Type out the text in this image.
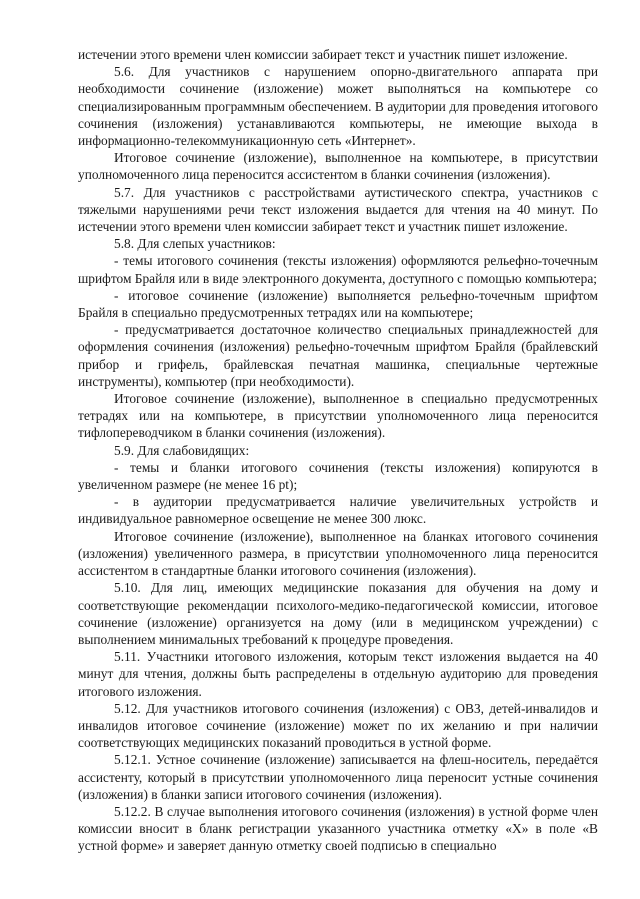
истечении этого времени член комиссии забирает текст и участник пишет изложение.

5.6. Для участников с нарушением опорно-двигательного аппарата при необходимости сочинение (изложение) может выполняться на компьютере со специализированным программным обеспечением. В аудитории для проведения итогового сочинения (изложения) устанавливаются компьютеры, не имеющие выхода в информационно-телекоммуникационную сеть «Интернет».

Итоговое сочинение (изложение), выполненное на компьютере, в присутствии уполномоченного лица переносится ассистентом в бланки сочинения (изложения).

5.7. Для участников с расстройствами аутистического спектра, участников с тяжелыми нарушениями речи текст изложения выдается для чтения на 40 минут. По истечении этого времени член комиссии забирает текст и участник пишет изложение.

5.8. Для слепых участников:

- темы итогового сочинения (тексты изложения) оформляются рельефно-точечным шрифтом Брайля или в виде электронного документа, доступного с помощью компьютера;

- итоговое сочинение (изложение) выполняется рельефно-точечным шрифтом Брайля в специально предусмотренных тетрадях или на компьютере;

- предусматривается достаточное количество специальных принадлежностей для оформления сочинения (изложения) рельефно-точечным шрифтом Брайля (брайлевский прибор и грифель, брайлевская печатная машинка, специальные чертежные инструменты), компьютер (при необходимости).

Итоговое сочинение (изложение), выполненное в специально предусмотренных тетрадях или на компьютере, в присутствии уполномоченного лица переносится тифлопереводчиком в бланки сочинения (изложения).

5.9. Для слабовидящих:

- темы и бланки итогового сочинения (тексты изложения) копируются в увеличенном размере (не менее 16 pt);

- в аудитории предусматривается наличие увеличительных устройств и индивидуальное равномерное освещение не менее 300 люкс.

Итоговое сочинение (изложение), выполненное на бланках итогового сочинения (изложения) увеличенного размера, в присутствии уполномоченного лица переносится ассистентом в стандартные бланки итогового сочинения (изложения).

5.10. Для лиц, имеющих медицинские показания для обучения на дому и соответствующие рекомендации психолого-медико-педагогической комиссии, итоговое сочинение (изложение) организуется на дому (или в медицинском учреждении) с выполнением минимальных требований к процедуре проведения.

5.11. Участники итогового изложения, которым текст изложения выдается на 40 минут для чтения, должны быть распределены в отдельную аудиторию для проведения итогового изложения.

5.12. Для участников итогового сочинения (изложения) с ОВЗ, детей-инвалидов и инвалидов итоговое сочинение (изложение) может по их желанию и при наличии соответствующих медицинских показаний проводиться в устной форме.

5.12.1. Устное сочинение (изложение) записывается на флеш-носитель, передаётся ассистенту, который в присутствии уполномоченного лица переносит устные сочинения (изложения) в бланки записи итогового сочинения (изложения).

5.12.2. В случае выполнения итогового сочинения (изложения) в устной форме член комиссии вносит в бланк регистрации указанного участника отметку «Х» в поле «В устной форме» и заверяет данную отметку своей подписью в специально
